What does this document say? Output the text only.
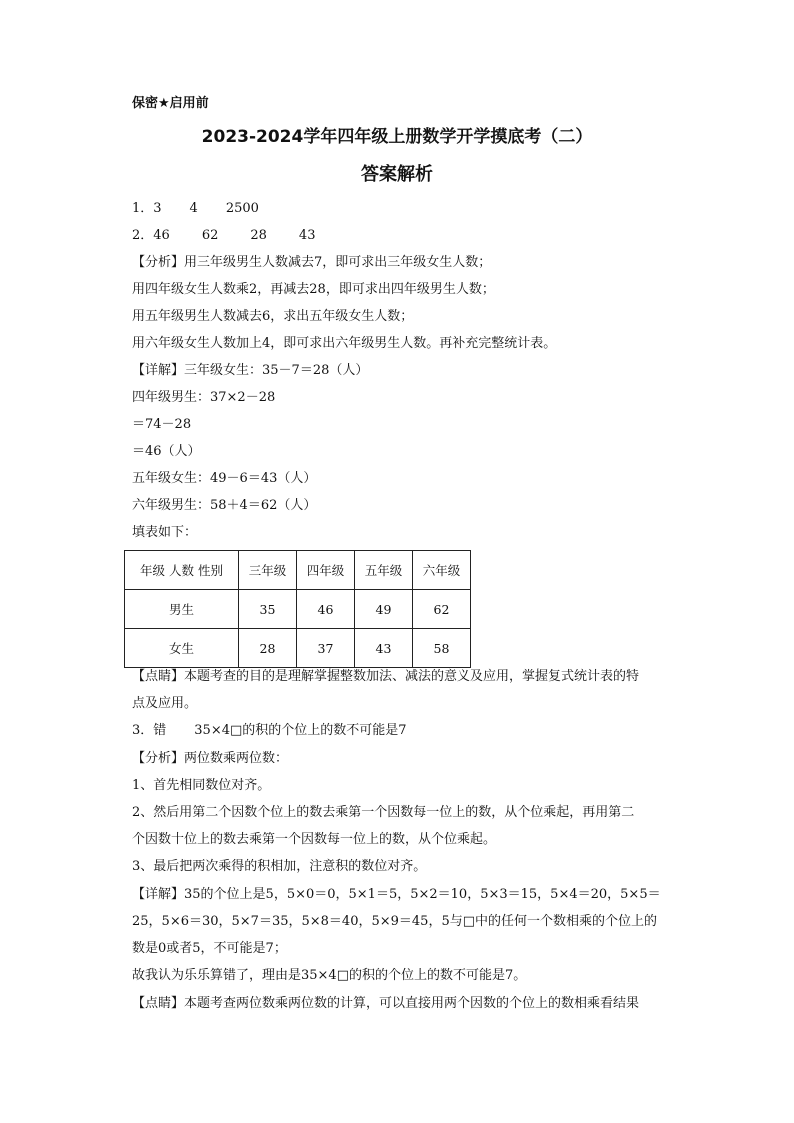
保密★启用前
2023-2024学年四年级上册数学开学摸底考（二）
答案解析
1．3 4 2500
2．46 62 28 43
【分析】用三年级男生人数减去7，即可求出三年级女生人数；
用四年级女生人数乘2，再减去28，即可求出四年级男生人数；
用五年级男生人数减去6，求出五年级女生人数；
用六年级女生人数加上4，即可求出六年级男生人数。再补充完整统计表。
【详解】三年级女生：35－7＝28（人）
四年级男生：37×2－28
＝74－28
＝46（人）
五年级女生：49－6＝43（人）
六年级男生：58＋4＝62（人）
填表如下：
年级 人数 性别	三年级	四年级	五年级	六年级
男生	35	46	49	62
女生	28	37	43	58
【点睛】本题考查的目的是理解掌握整数加法、减法的意义及应用，掌握复式统计表的特
点及应用。
3．错 35×4□的积的个位上的数不可能是7
【分析】两位数乘两位数：
1、首先相同数位对齐。
2、然后用第二个因数个位上的数去乘第一个因数每一位上的数，从个位乘起，再用第二
个因数十位上的数去乘第一个因数每一位上的数，从个位乘起。
3、最后把两次乘得的积相加，注意积的数位对齐。
【详解】35的个位上是5，5×0＝0，5×1＝5，5×2＝10，5×3＝15，5×4＝20，5×5＝
25，5×6＝30，5×7＝35，5×8＝40，5×9＝45，5与□中的任何一个数相乘的个位上的
数是0或者5，不可能是7；
故我认为乐乐算错了，理由是35×4□的积的个位上的数不可能是7。
【点睛】本题考查两位数乘两位数的计算，可以直接用两个因数的个位上的数相乘看结果
